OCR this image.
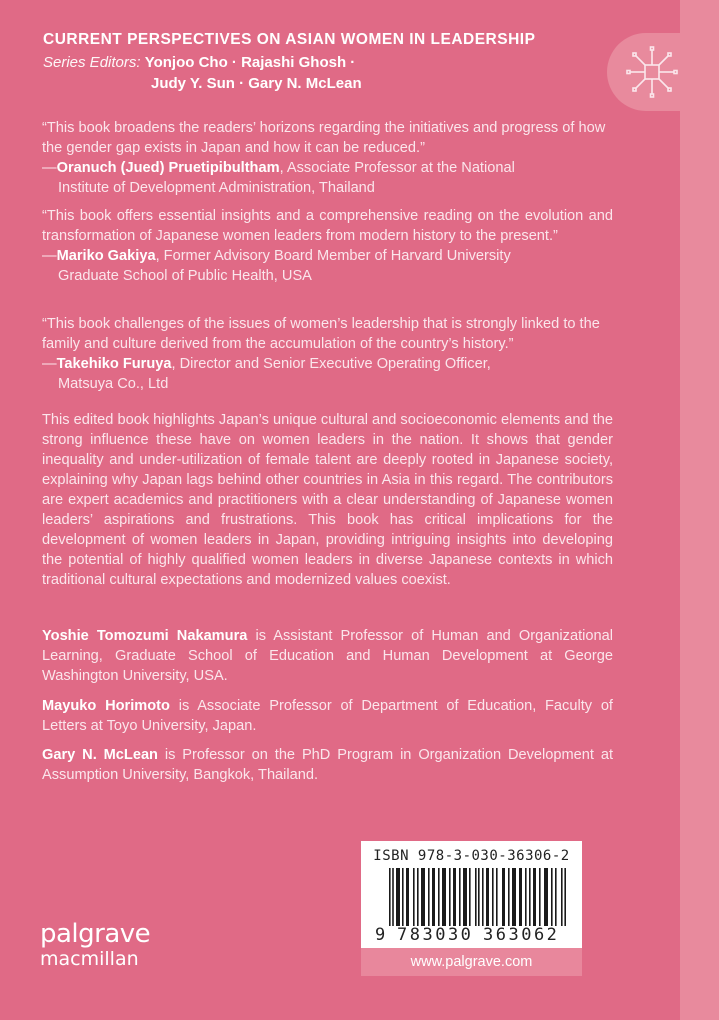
CURRENT PERSPECTIVES ON ASIAN WOMEN IN LEADERSHIP
Series Editors: Yonjoo Cho · Rajashi Ghosh ·
Judy Y. Sun · Gary N. McLean
“This book broadens the readers’ horizons regarding the initiatives and progress of how the gender gap exists in Japan and how it can be reduced.”
—Oranuch (Jued) Pruetipibultham, Associate Professor at the National
Institute of Development Administration, Thailand
“This book offers essential insights and a comprehensive reading on the evolution and transformation of Japanese women leaders from modern history to the present.”
—Mariko Gakiya, Former Advisory Board Member of Harvard University
Graduate School of Public Health, USA
“This book challenges of the issues of women’s leadership that is strongly linked to the family and culture derived from the accumulation of the country’s history.”
—Takehiko Furuya, Director and Senior Executive Operating Officer,
Matsuya Co., Ltd
This edited book highlights Japan’s unique cultural and socioeconomic elements and the strong influence these have on women leaders in the nation. It shows that gender inequality and under-utilization of female talent are deeply rooted in Japanese society, explaining why Japan lags behind other countries in Asia in this regard. The contributors are expert academics and practitioners with a clear understanding of Japanese women leaders’ aspirations and frustrations. This book has critical implications for the development of women leaders in Japan, providing intriguing insights into developing the potential of highly qualified women leaders in diverse Japanese contexts in which traditional cultural expectations and modernized values coexist.
Yoshie Tomozumi Nakamura is Assistant Professor of Human and Organizational Learning, Graduate School of Education and Human Development at George Washington University, USA.
Mayuko Horimoto is Associate Professor of Department of Education, Faculty of Letters at Toyo University, Japan.
Gary N. McLean is Professor on the PhD Program in Organization Development at Assumption University, Bangkok, Thailand.
palgrave
macmillan
ISBN 978-3-030-36306-2
9 783030 363062
www.palgrave.com
